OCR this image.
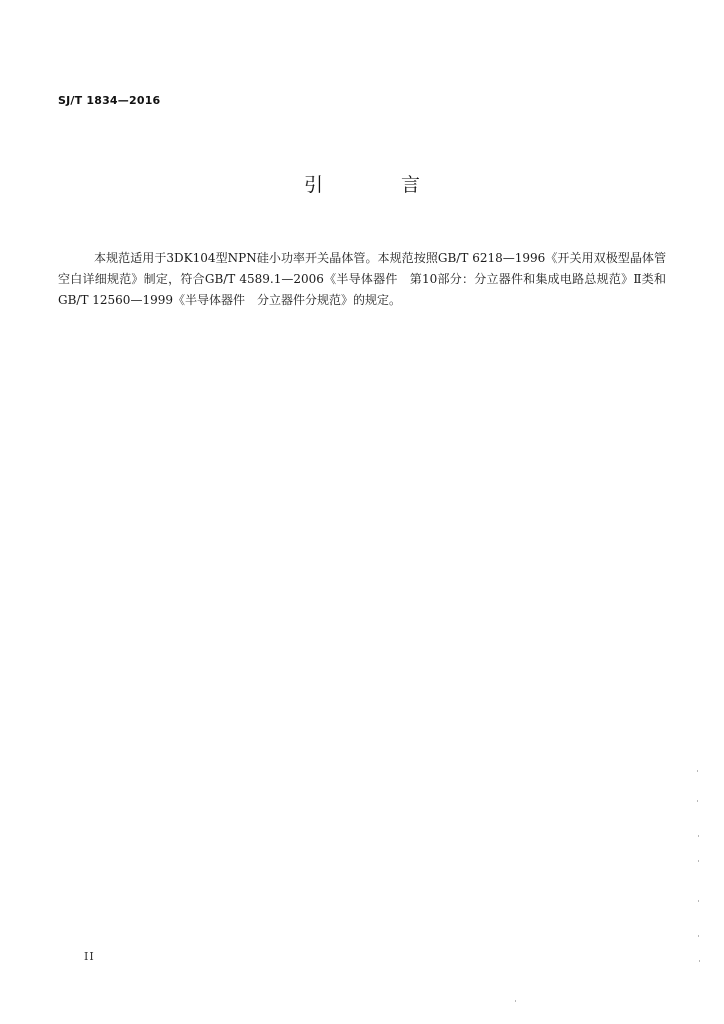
SJ/T 1834—2016
引 言

本规范适用于3DK104型NPN硅小功率开关晶体管。本规范按照GB/T 6218—1996《开关用双极型晶体管空白详细规范》制定，符合GB/T 4589.1—2006《半导体器件　第10部分：分立器件和集成电路总规范》Ⅱ类和GB/T 12560—1999《半导体器件　分立器件分规范》的规定。

II
